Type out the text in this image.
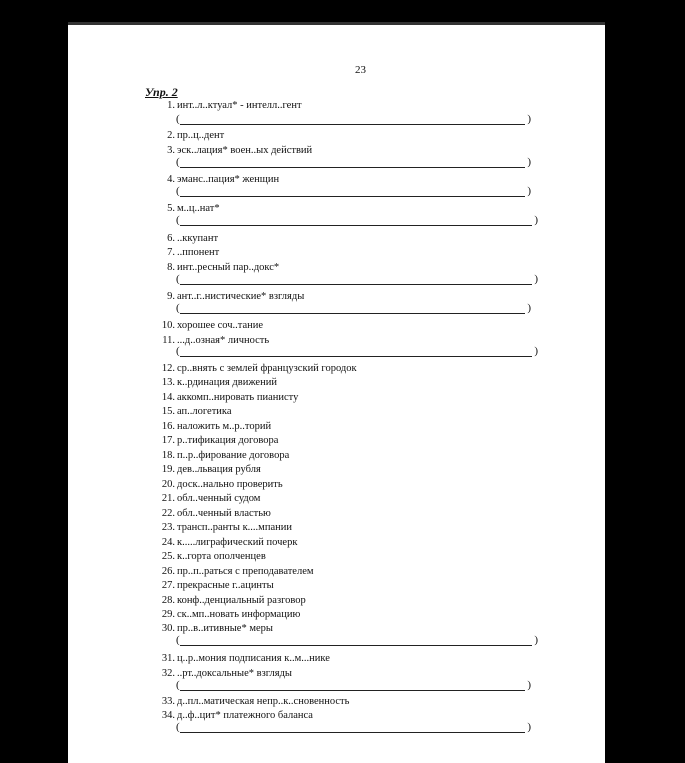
23
Упр. 2
1. инт..л..ктуал* - интелл..гент
(	)
2. пр..ц..дент
3. эск..лация* воен..ых действий
(	)
4. эманс..пация* женщин
(	)
5. м..ц..нат*
(	)
6. ..ккупант
7. ..ппонент
8. инт..ресный пар..докс*
(	)
9. ант..г..нистические* взгляды
(	)
10. хорошее соч..тание
11. ...д..озная* личность
(	)
12. ср..внять с землей французский городок
13. к..рдинация движений
14. аккомп..нировать пианисту
15. ап..логетика
16. наложить м..р..торий
17. р..тификация договора
18. п..р..фирование договора
19. дев..львация рубля
20. доск..нально проверить
21. обл..ченный судом
22. обл..ченный властью
23. трансп..ранты к....мпании
24. к.....лиграфический почерк
25. к..горта ополченцев
26. пр..п..раться с преподавателем
27. прекрасные г..ацинты
28. конф..денциальный разговор
29. ск..мп..новать информацию
30. пр..в..итивные* меры
(	)
31. ц..р..мония подписания к..м...нике
32. ..рт..доксальные* взгляды
(	)
33. д..пл..матическая непр..к..сновенность
34. д..ф..цит* платежного баланса
(	)
